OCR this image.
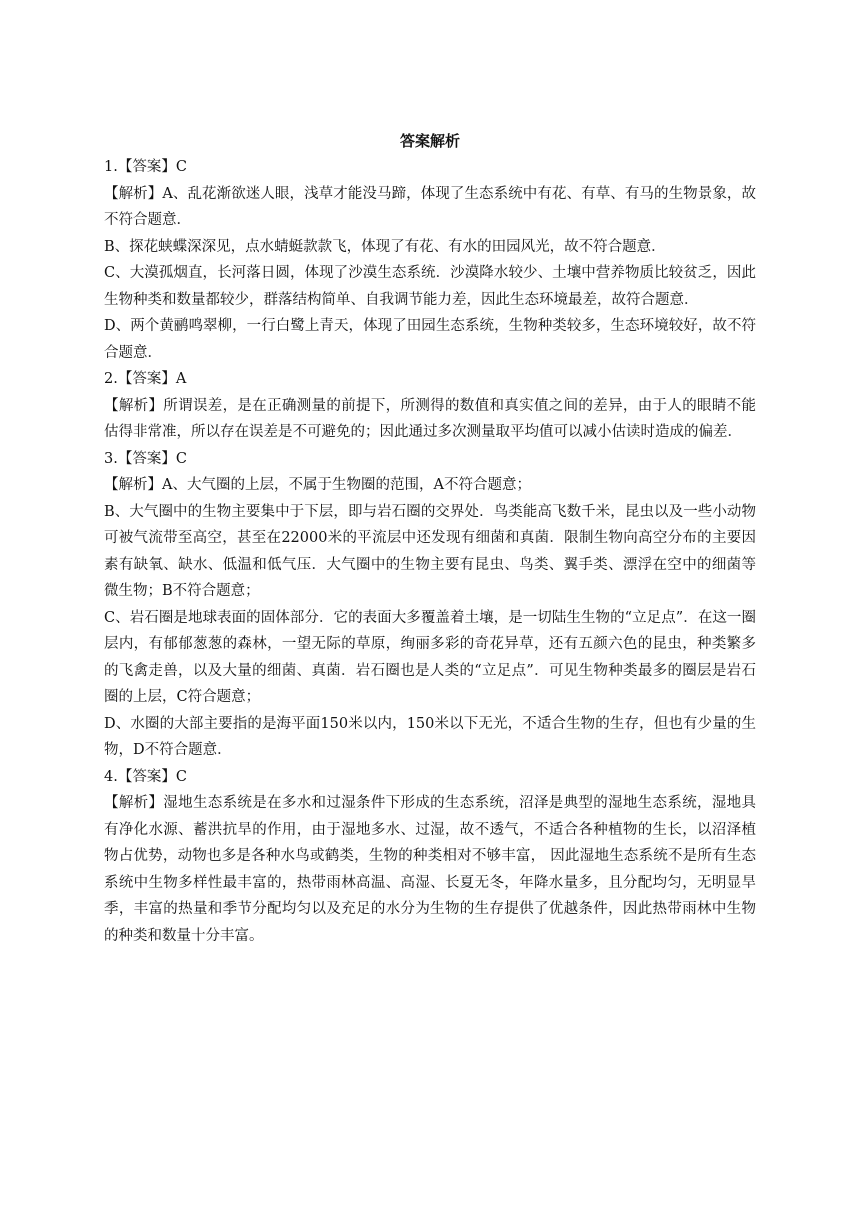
答案解析

1.【答案】C

【解析】A、乱花渐欲迷人眼，浅草才能没马蹄，体现了生态系统中有花、有草、有马的生物景象，故不符合题意．

B、探花蛱蝶深深见，点水蜻蜓款款飞，体现了有花、有水的田园风光，故不符合题意．

C、大漠孤烟直，长河落日圆，体现了沙漠生态系统．沙漠降水较少、土壤中营养物质比较贫乏，因此生物种类和数量都较少，群落结构简单、自我调节能力差，因此生态环境最差，故符合题意．

D、两个黄鹂鸣翠柳，一行白鹭上青天，体现了田园生态系统，生物种类较多，生态环境较好，故不符合题意．

2.【答案】A

【解析】所谓误差，是在正确测量的前提下，所测得的数值和真实值之间的差异，由于人的眼睛不能估得非常准，所以存在误差是不可避免的；因此通过多次测量取平均值可以减小估读时造成的偏差．

3.【答案】C

【解析】A、大气圈的上层，不属于生物圈的范围，A不符合题意；

B、大气圈中的生物主要集中于下层，即与岩石圈的交界处．鸟类能高飞数千米，昆虫以及一些小动物可被气流带至高空，甚至在22000米的平流层中还发现有细菌和真菌．限制生物向高空分布的主要因素有缺氧、缺水、低温和低气压．大气圈中的生物主要有昆虫、鸟类、翼手类、漂浮在空中的细菌等微生物；B不符合题意；

C、岩石圈是地球表面的固体部分．它的表面大多覆盖着土壤，是一切陆生生物的“立足点”．在这一圈层内，有郁郁葱葱的森林，一望无际的草原，绚丽多彩的奇花异草，还有五颜六色的昆虫，种类繁多的飞禽走兽，以及大量的细菌、真菌．岩石圈也是人类的“立足点”．可见生物种类最多的圈层是岩石圈的上层，C符合题意；

D、水圈的大部主要指的是海平面150米以内，150米以下无光，不适合生物的生存，但也有少量的生物，D不符合题意．

4.【答案】C

【解析】湿地生态系统是在多水和过湿条件下形成的生态系统，沼泽是典型的湿地生态系统，湿地具有净化水源、蓄洪抗旱的作用，由于湿地多水、过湿，故不透气，不适合各种植物的生长，以沼泽植物占优势，动物也多是各种水鸟或鹤类，生物的种类相对不够丰富， 因此湿地生态系统不是所有生态系统中生物多样性最丰富的，热带雨林高温、高湿、长夏无冬，年降水量多，且分配均匀，无明显旱季，丰富的热量和季节分配均匀以及充足的水分为生物的生存提供了优越条件，因此热带雨林中生物的种类和数量十分丰富。
